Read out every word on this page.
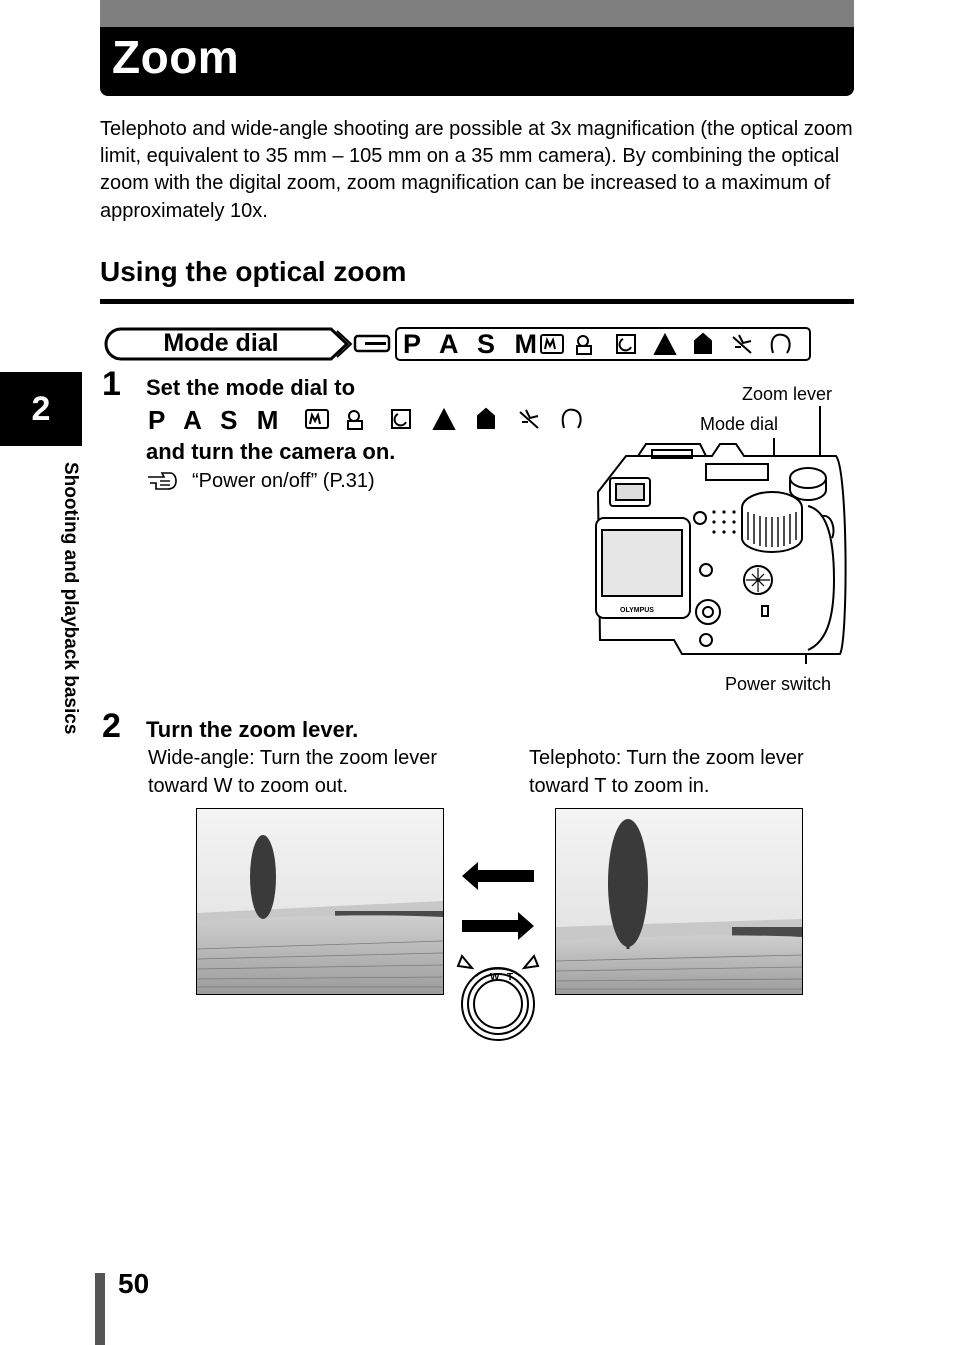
Zoom
2
Shooting and playback basics
Telephoto and wide-angle shooting are possible at 3x magnification (the optical zoom limit, equivalent to 35 mm – 105 mm on a 35 mm camera). By combining the optical zoom with the digital zoom, zoom magnification can be increased to a maximum of approximately 10x.
Using the optical zoom
Mode dial	P A S M
1 Set the mode dial to
P A S M
and turn the camera on.
“Power on/off” (P.31)
Zoom lever
Mode dial
Power switch
OLYMPUS
2 Turn the zoom lever.
Wide-angle: Turn the zoom lever toward W to zoom out.
Telephoto: Turn the zoom lever toward T to zoom in.
W T
50
